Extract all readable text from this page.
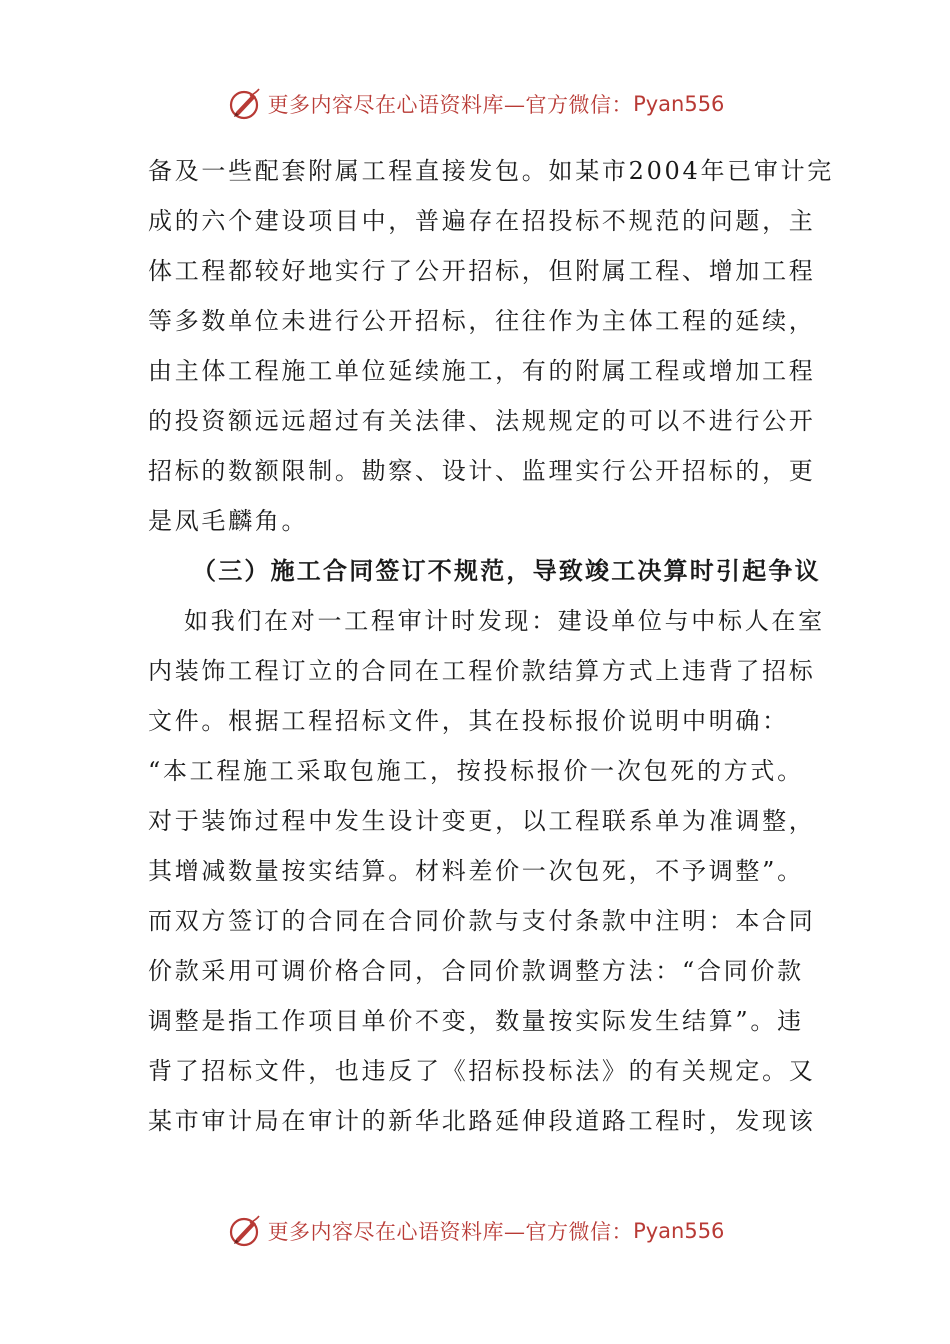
更多内容尽在心语资料库—官方微信： Pyan556
备及一些配套附属工程直接发包。如某市2004年已审计完
成的六个建设项目中，普遍存在招投标不规范的问题，主
体工程都较好地实行了公开招标，但附属工程、增加工程
等多数单位未进行公开招标，往往作为主体工程的延续，
由主体工程施工单位延续施工，有的附属工程或增加工程
的投资额远远超过有关法律、法规规定的可以不进行公开
招标的数额限制。勘察、设计、监理实行公开招标的，更
是凤毛麟角。
（三）施工合同签订不规范，导致竣工决算时引起争议
如我们在对一工程审计时发现：建设单位与中标人在室
内装饰工程订立的合同在工程价款结算方式上违背了招标
文件。根据工程招标文件，其在投标报价说明中明确：
“本工程施工采取包施工，按投标报价一次包死的方式。
对于装饰过程中发生设计变更，以工程联系单为准调整，
其增减数量按实结算。材料差价一次包死，不予调整”。
而双方签订的合同在合同价款与支付条款中注明：本合同
价款采用可调价格合同，合同价款调整方法：“合同价款
调整是指工作项目单价不变，数量按实际发生结算”。违
背了招标文件，也违反了《招标投标法》的有关规定。又
某市审计局在审计的新华北路延伸段道路工程时，发现该
更多内容尽在心语资料库—官方微信： Pyan556
